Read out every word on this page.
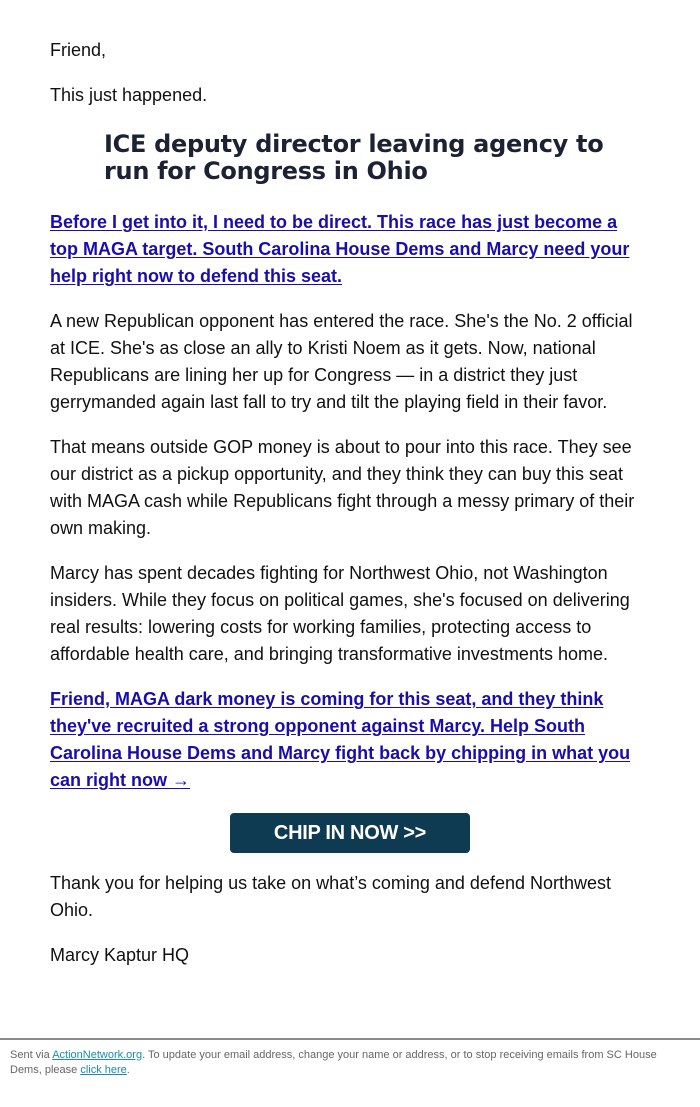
Friend,

This just happened.

ICE deputy director leaving agency to run for Congress in Ohio

Before I get into it, I need to be direct. This race has just become a top MAGA target. South Carolina House Dems and Marcy need your help right now to defend this seat.

A new Republican opponent has entered the race. She's the No. 2 official at ICE. She's as close an ally to Kristi Noem as it gets. Now, national Republicans are lining her up for Congress — in a district they just gerrymanded again last fall to try and tilt the playing field in their favor.

That means outside GOP money is about to pour into this race. They see our district as a pickup opportunity, and they think they can buy this seat with MAGA cash while Republicans fight through a messy primary of their own making.

Marcy has spent decades fighting for Northwest Ohio, not Washington insiders. While they focus on political games, she's focused on delivering real results: lowering costs for working families, protecting access to affordable health care, and bringing transformative investments home.

Friend, MAGA dark money is coming for this seat, and they think they've recruited a strong opponent against Marcy. Help South Carolina House Dems and Marcy fight back by chipping in what you can right now →

CHIP IN NOW >>

Thank you for helping us take on what’s coming and defend Northwest Ohio.

Marcy Kaptur HQ

Sent via ActionNetwork.org. To update your email address, change your name or address, or to stop receiving emails from SC House Dems, please click here.
